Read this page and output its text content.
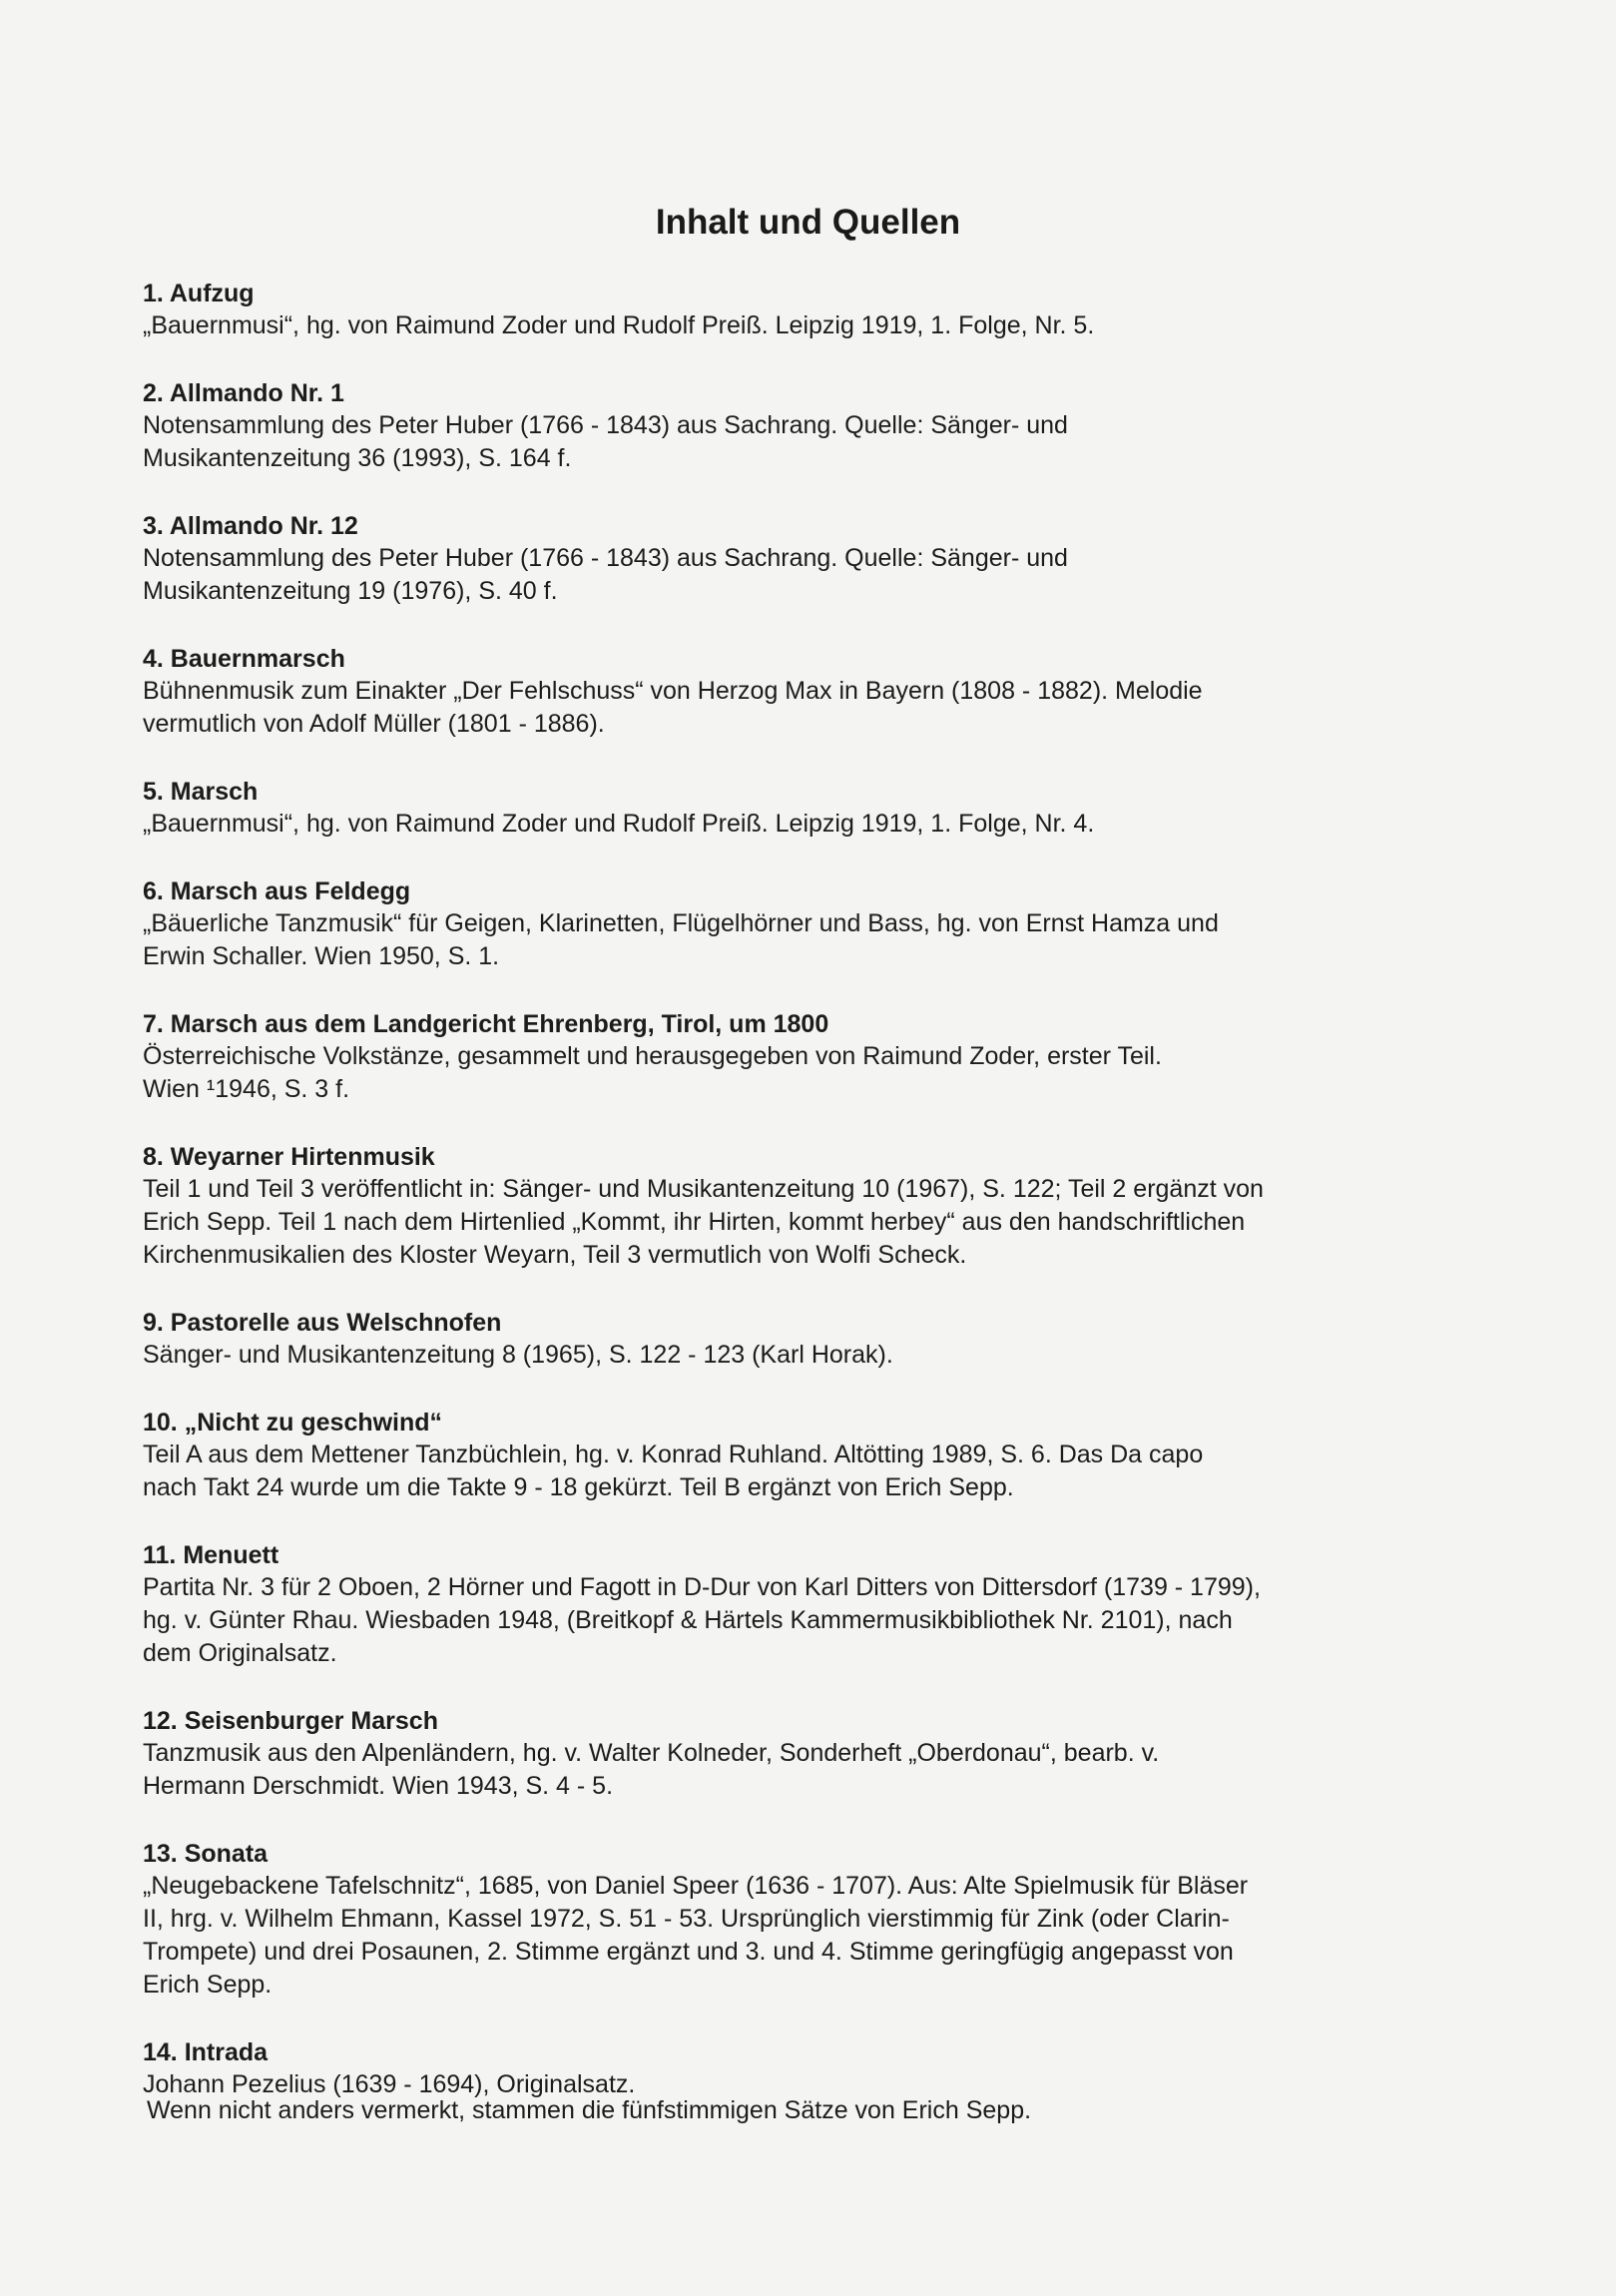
Inhalt und Quellen
1. Aufzug
„Bauernmusi“, hg. von Raimund Zoder und Rudolf Preiß. Leipzig 1919, 1. Folge, Nr. 5.
2. Allmando Nr. 1
Notensammlung des Peter Huber (1766 - 1843) aus Sachrang. Quelle: Sänger- und
Musikantenzeitung 36 (1993), S. 164 f.
3. Allmando Nr. 12
Notensammlung des Peter Huber (1766 - 1843) aus Sachrang. Quelle: Sänger- und
Musikantenzeitung 19 (1976), S. 40 f.
4. Bauernmarsch
Bühnenmusik zum Einakter „Der Fehlschuss“ von Herzog Max in Bayern (1808 - 1882). Melodie
vermutlich von Adolf Müller (1801 - 1886).
5. Marsch
„Bauernmusi“, hg. von Raimund Zoder und Rudolf Preiß. Leipzig 1919, 1. Folge, Nr. 4.
6. Marsch aus Feldegg
„Bäuerliche Tanzmusik“ für Geigen, Klarinetten, Flügelhörner und Bass, hg. von Ernst Hamza und
Erwin Schaller. Wien 1950, S. 1.
7. Marsch aus dem Landgericht Ehrenberg, Tirol, um 1800
Österreichische Volkstänze, gesammelt und herausgegeben von Raimund Zoder, erster Teil.
Wien ¹1946, S. 3 f.
8. Weyarner Hirtenmusik
Teil 1 und Teil 3 veröffentlicht in: Sänger- und Musikantenzeitung 10 (1967), S. 122; Teil 2 ergänzt von
Erich Sepp. Teil 1 nach dem Hirtenlied „Kommt, ihr Hirten, kommt herbey“ aus den handschriftlichen
Kirchenmusikalien des Kloster Weyarn, Teil 3 vermutlich von Wolfi Scheck.
9. Pastorelle aus Welschnofen
Sänger- und Musikantenzeitung 8 (1965), S. 122 - 123 (Karl Horak).
10. „Nicht zu geschwind“
Teil A aus dem Mettener Tanzbüchlein, hg. v. Konrad Ruhland. Altötting 1989, S. 6. Das Da capo
nach Takt 24 wurde um die Takte 9 - 18 gekürzt. Teil B ergänzt von Erich Sepp.
11. Menuett
Partita Nr. 3 für 2 Oboen, 2 Hörner und Fagott in D-Dur von Karl Ditters von Dittersdorf (1739 - 1799),
hg. v. Günter Rhau. Wiesbaden 1948, (Breitkopf & Härtels Kammermusikbibliothek Nr. 2101), nach
dem Originalsatz.
12. Seisenburger Marsch
Tanzmusik aus den Alpenländern, hg. v. Walter Kolneder, Sonderheft „Oberdonau“, bearb. v.
Hermann Derschmidt. Wien 1943, S. 4 - 5.
13. Sonata
„Neugebackene Tafelschnitz“, 1685, von Daniel Speer (1636 - 1707). Aus: Alte Spielmusik für Bläser
II, hrg. v. Wilhelm Ehmann, Kassel 1972, S. 51 - 53. Ursprünglich vierstimmig für Zink (oder Clarin-
Trompete) und drei Posaunen, 2. Stimme ergänzt und 3. und 4. Stimme geringfügig angepasst von
Erich Sepp.
14. Intrada
Johann Pezelius (1639 - 1694), Originalsatz.
Wenn nicht anders vermerkt, stammen die fünfstimmigen Sätze von Erich Sepp.
